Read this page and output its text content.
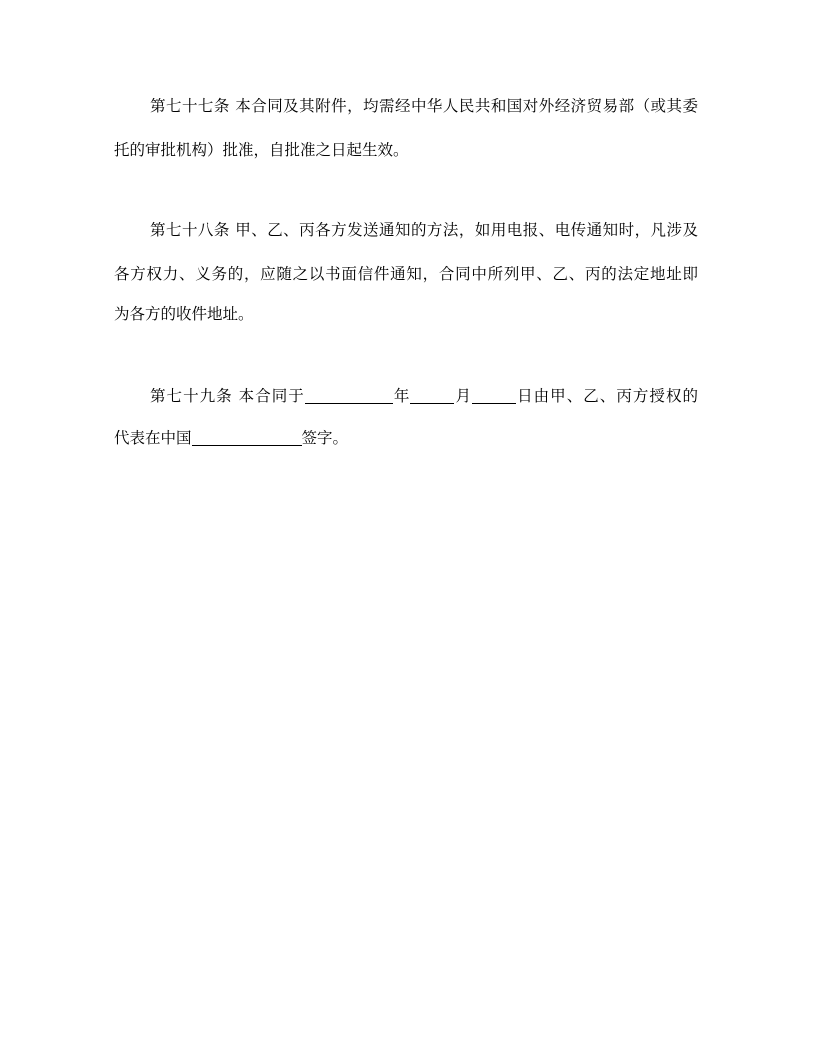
第七十七条 本合同及其附件，均需经中华人民共和国对外经济贸易部（或其委
托的审批机构）批准，自批准之日起生效。
第七十八条 甲、乙、丙各方发送通知的方法，如用电报、电传通知时，凡涉及
各方权力、义务的，应随之以书面信件通知，合同中所列甲、乙、丙的法定地址即
为各方的收件地址。
第七十九条 本合同于	年	月	日由甲、乙、丙方授权的
代表在中国	签字。
